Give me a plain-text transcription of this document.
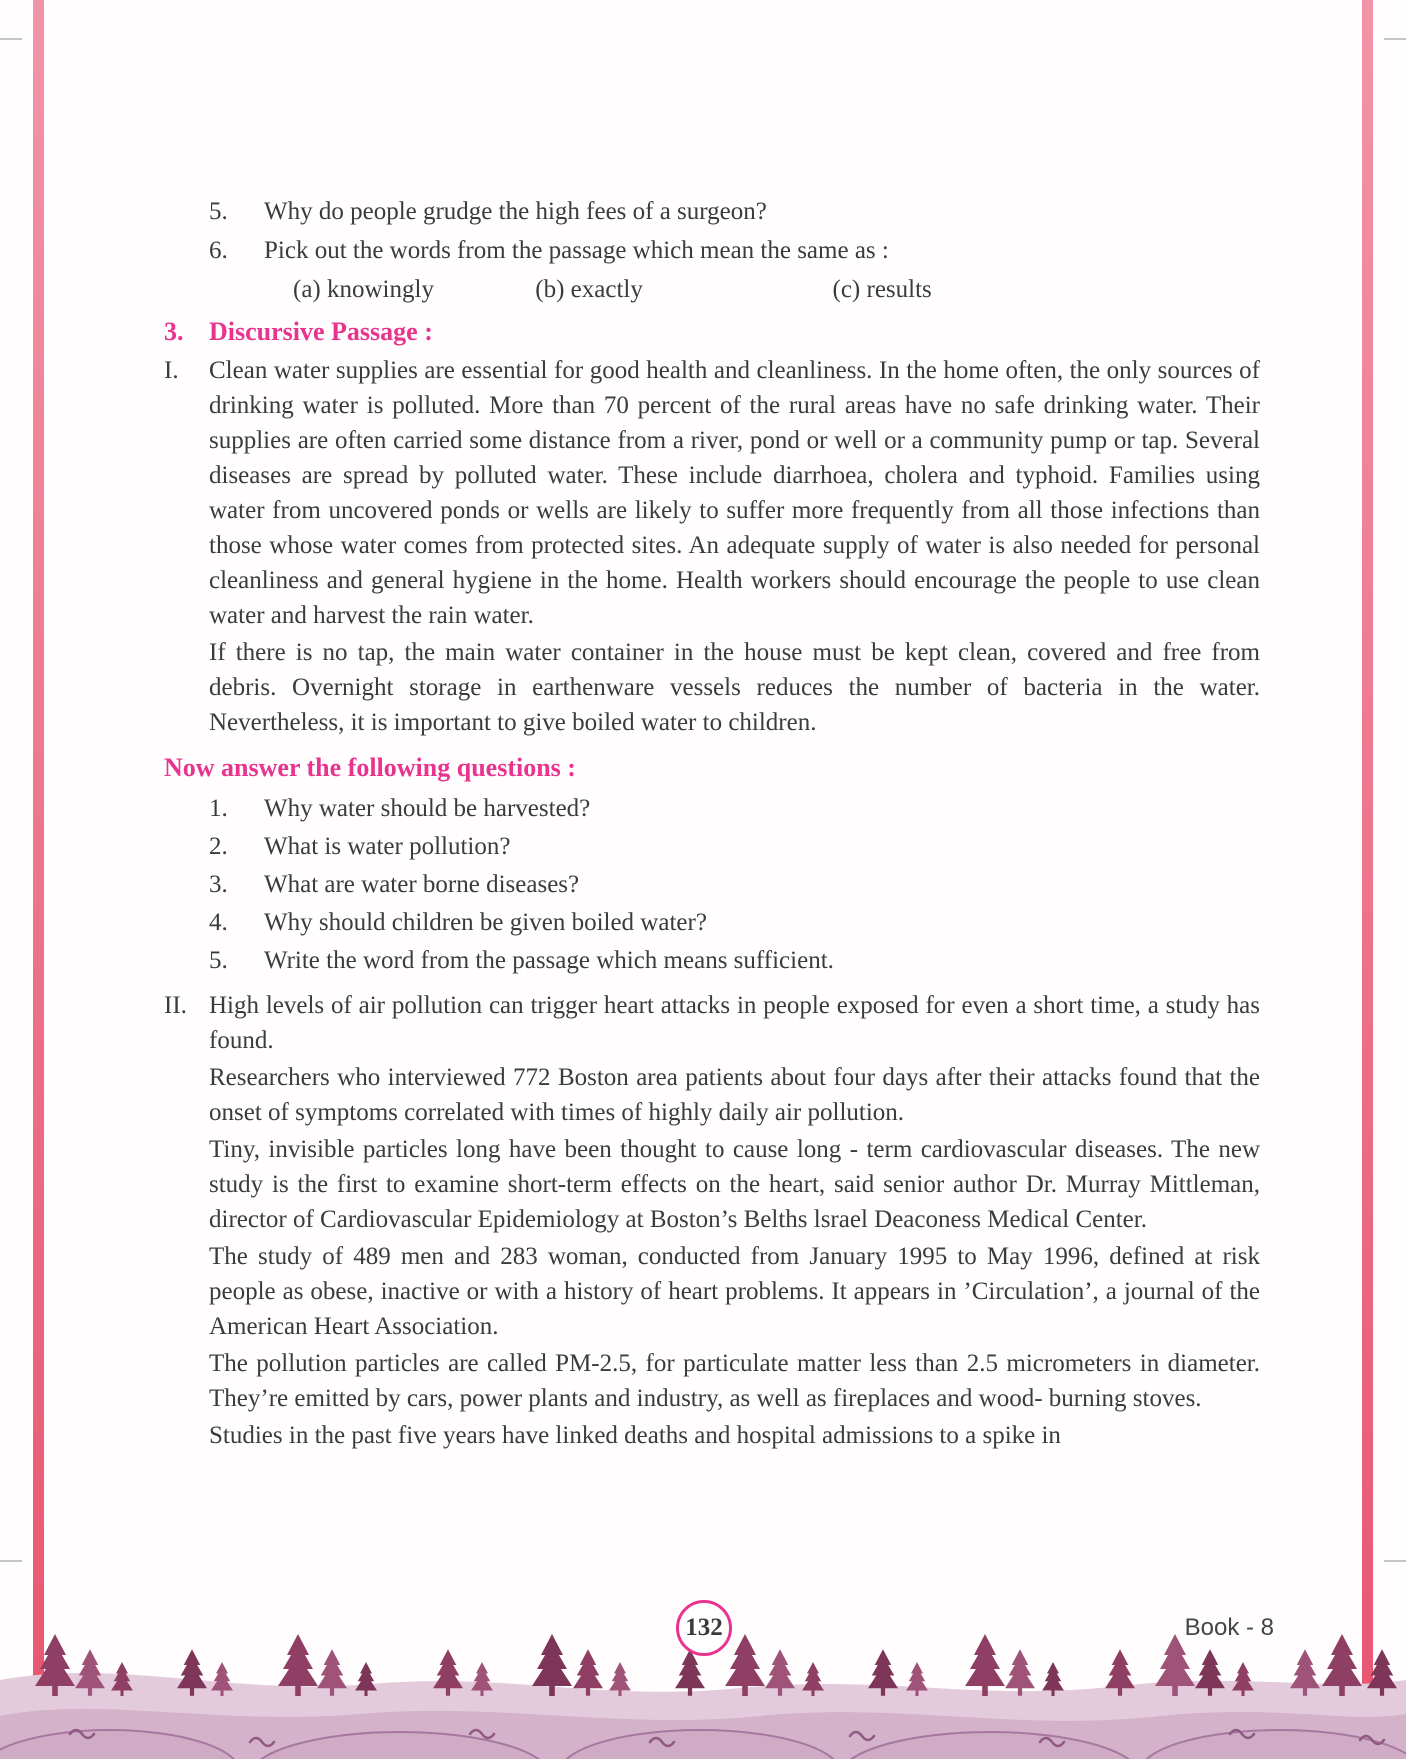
5.	Why do people grudge the high fees of a surgeon?
6.	Pick out the words from the passage which mean the same as :
(a) knowingly	(b) exactly	(c) results
3. Discursive Passage :
I. Clean water supplies are essential for good health and cleanliness. In the home often, the only sources of drinking water is polluted. More than 70 percent of the rural areas have no safe drinking water. Their supplies are often carried some distance from a river, pond or well or a community pump or tap. Several diseases are spread by polluted water. These include diarrhoea, cholera and typhoid. Families using water from uncovered ponds or wells are likely to suffer more frequently from all those infections than those whose water comes from protected sites. An adequate supply of water is also needed for personal cleanliness and general hygiene in the home. Health workers should encourage the people to use clean water and harvest the rain water.

If there is no tap, the main water container in the house must be kept clean, covered and free from debris. Overnight storage in earthenware vessels reduces the number of bacteria in the water. Nevertheless, it is important to give boiled water to children.

Now answer the following questions :
1.	Why water should be harvested?
2.	What is water pollution?
3.	What are water borne diseases?
4.	Why should children be given boiled water?
5.	Write the word from the passage which means sufficient.
II. High levels of air pollution can trigger heart attacks in people exposed for even a short time, a study has found.

Researchers who interviewed 772 Boston area patients about four days after their attacks found that the onset of symptoms correlated with times of highly daily air pollution.

Tiny, invisible particles long have been thought to cause long - term cardiovascular diseases. The new study is the first to examine short-term effects on the heart, said senior author Dr. Murray Mittleman, director of Cardiovascular Epidemiology at Boston’s Belths lsrael Deaconess Medical Center.

The study of 489 men and 283 woman, conducted from January 1995 to May 1996, defined at risk people as obese, inactive or with a history of heart problems. It appears in ’Circulation’, a journal of the American Heart Association.

The pollution particles are called PM-2.5, for particulate matter less than 2.5 micrometers in diameter. They’re emitted by cars, power plants and industry, as well as fireplaces and wood- burning stoves.

Studies in the past five years have linked deaths and hospital admissions to a spike in

132	Book - 8
